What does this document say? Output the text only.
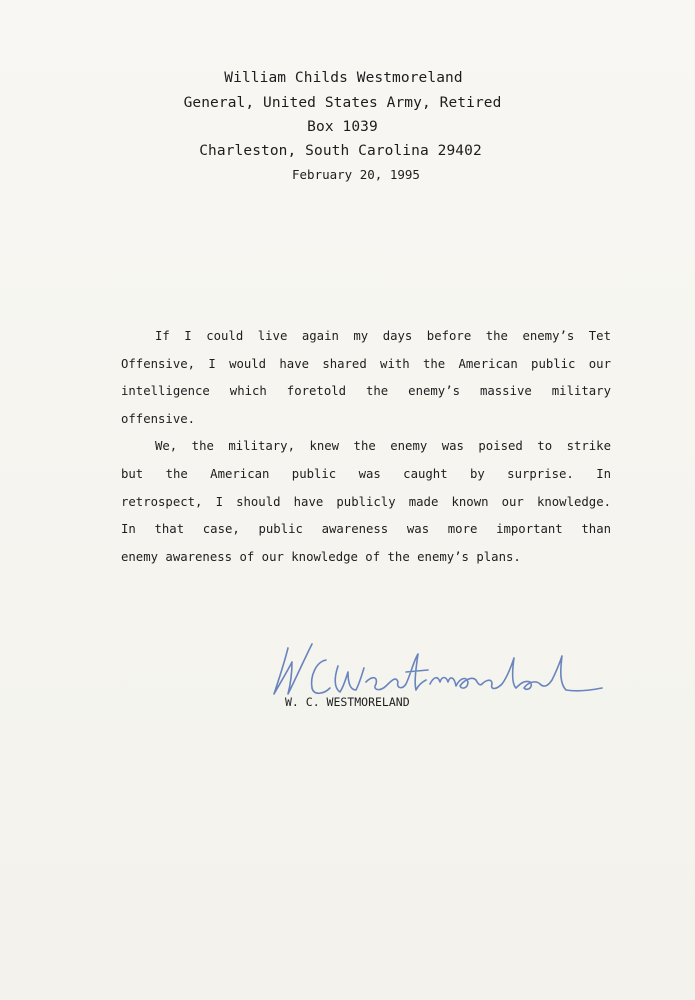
William Childs Westmoreland
General, United States Army, Retired
Box 1039
Charleston, South Carolina 29402
February 20, 1995
If I could live again my days before the enemy’s Tet
Offensive, I would have shared with the American public our
intelligence which foretold the enemy’s massive military
offensive.
We, the military, knew the enemy was poised to strike
but the American public was caught by surprise. In
retrospect, I should have publicly made known our knowledge.
In that case, public awareness was more important than
enemy awareness of our knowledge of the enemy’s plans.
W. C. WESTMORELAND
